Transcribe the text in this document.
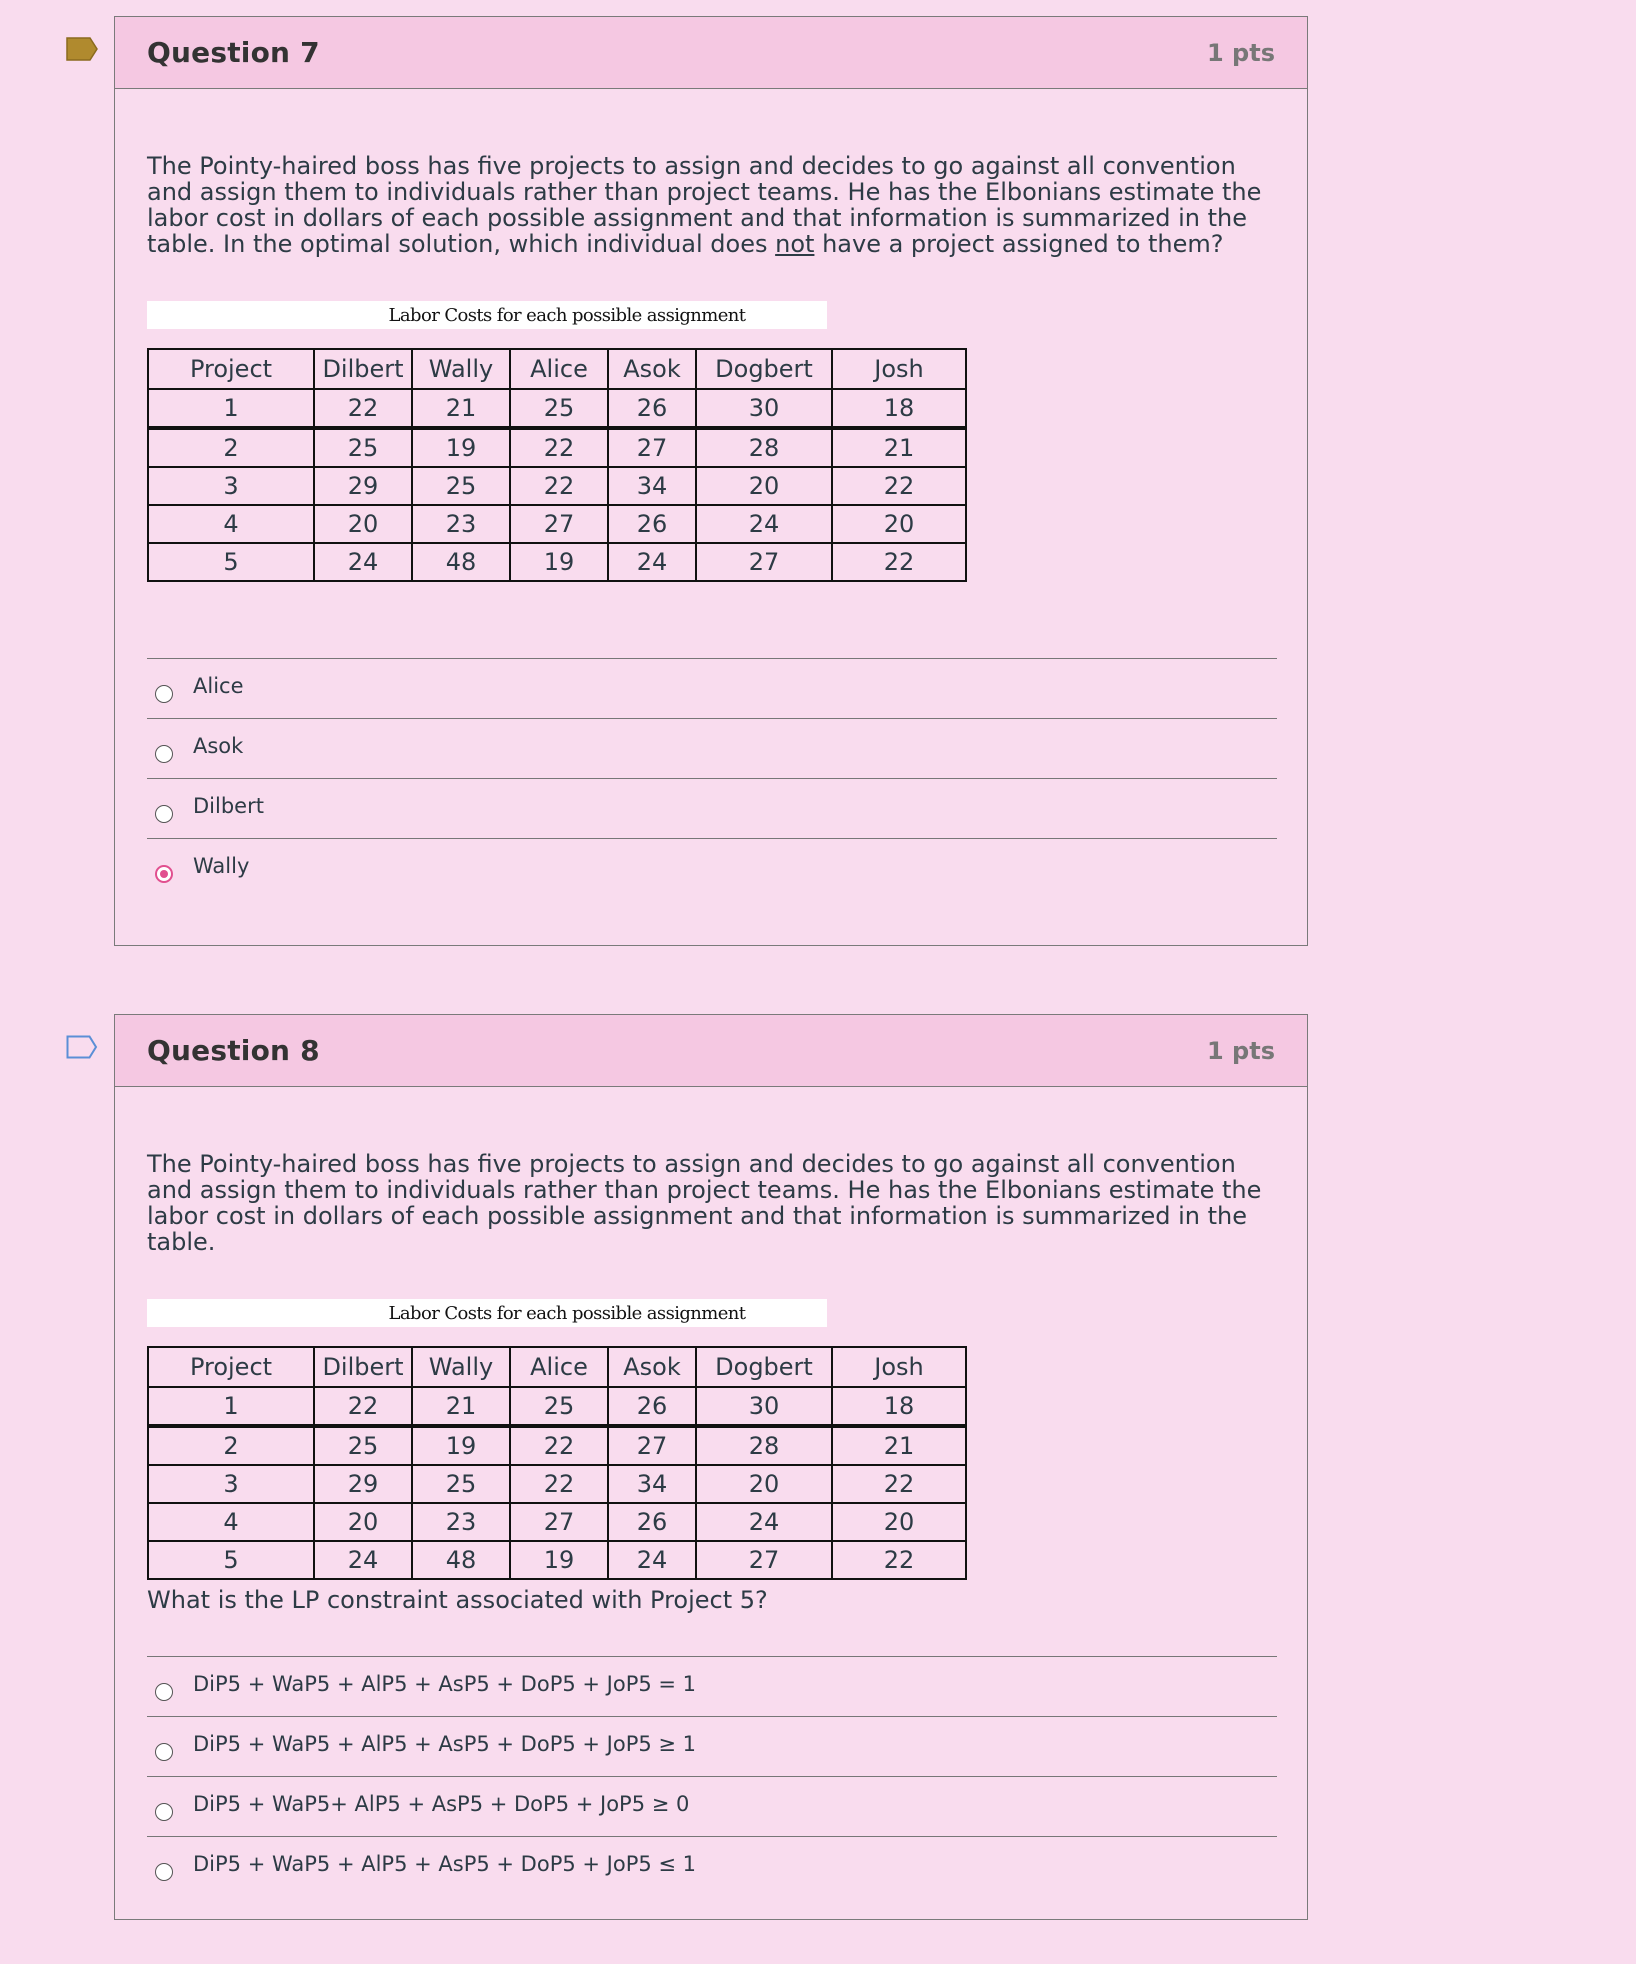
Question 7	1 pts

The Pointy-haired boss has five projects to assign and decides to go against all convention and assign them to individuals rather than project teams. He has the Elbonians estimate the labor cost in dollars of each possible assignment and that information is summarized in the table. In the optimal solution, which individual does not have a project assigned to them?

Labor Costs for each possible assignment
Project	Dilbert	Wally	Alice	Asok	Dogbert	Josh
1	22	21	25	26	30	18
2	25	19	22	27	28	21
3	29	25	22	34	20	22
4	20	23	27	26	24	20
5	24	48	19	24	27	22
Alice
Asok
Dilbert
Wally
Question 8	1 pts

The Pointy-haired boss has five projects to assign and decides to go against all convention and assign them to individuals rather than project teams. He has the Elbonians estimate the labor cost in dollars of each possible assignment and that information is summarized in the table.

Labor Costs for each possible assignment
Project	Dilbert	Wally	Alice	Asok	Dogbert	Josh
1	22	21	25	26	30	18
2	25	19	22	27	28	21
3	29	25	22	34	20	22
4	20	23	27	26	24	20
5	24	48	19	24	27	22
What is the LP constraint associated with Project 5?
DiP5 + WaP5 + AlP5 + AsP5 + DoP5 + JoP5 = 1
DiP5 + WaP5 + AlP5 + AsP5 + DoP5 + JoP5 ≥ 1
DiP5 + WaP5+ AlP5 + AsP5 + DoP5 + JoP5 ≥ 0
DiP5 + WaP5 + AlP5 + AsP5 + DoP5 + JoP5 ≤ 1
